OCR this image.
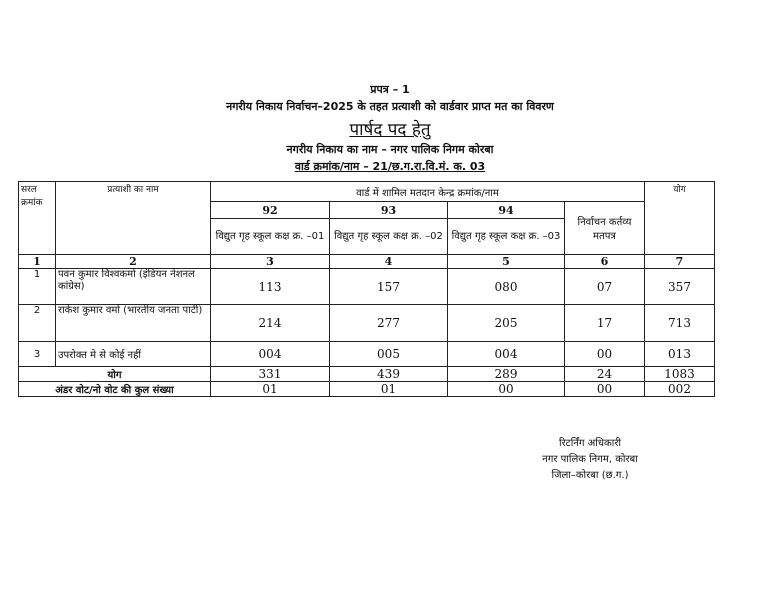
प्रपत्र – 1
नगरीय निकाय निर्वाचन–2025 के तहत प्रत्याशी को वार्डवार प्राप्त मत का विवरण
पार्षद पद हेतु
नगरीय निकाय का नाम – नगर पालिक निगम कोरबा
वार्ड क्रमांक/नाम – 21/छ.ग.रा.वि.मं. क. 03
सरल क्रमांक	प्रत्याशी का नाम	वार्ड में शामिल मतदान केन्द्र क्रमांक/नाम				योग
		92	93	94	निर्वाचन कर्तव्य मतपत्र	
		विद्युत गृह स्कूल कक्ष क्र. –01	विद्युत गृह स्कूल कक्ष क्र. –02	विद्युत गृह स्कूल कक्ष क्र. –03		
1	2	3	4	5	6	7
1	पवन कुमार विश्वकर्मा (इंडियन नेशनल कांग्रेस)	113	157	080	07	357
2	राकेश कुमार वर्मा (भारतीय जनता पार्टी)	214	277	205	17	713
3	उपरोक्त मे से कोई नहीं	004	005	004	00	013
योग		331	439	289	24	1083
अंडर वोट/नो वोट की कुल संख्या		01	01	00	00	002
रिटर्निंग अधिकारी
नगर पालिक निगम, कोरबा
जिला–कोरबा (छ.ग.)
